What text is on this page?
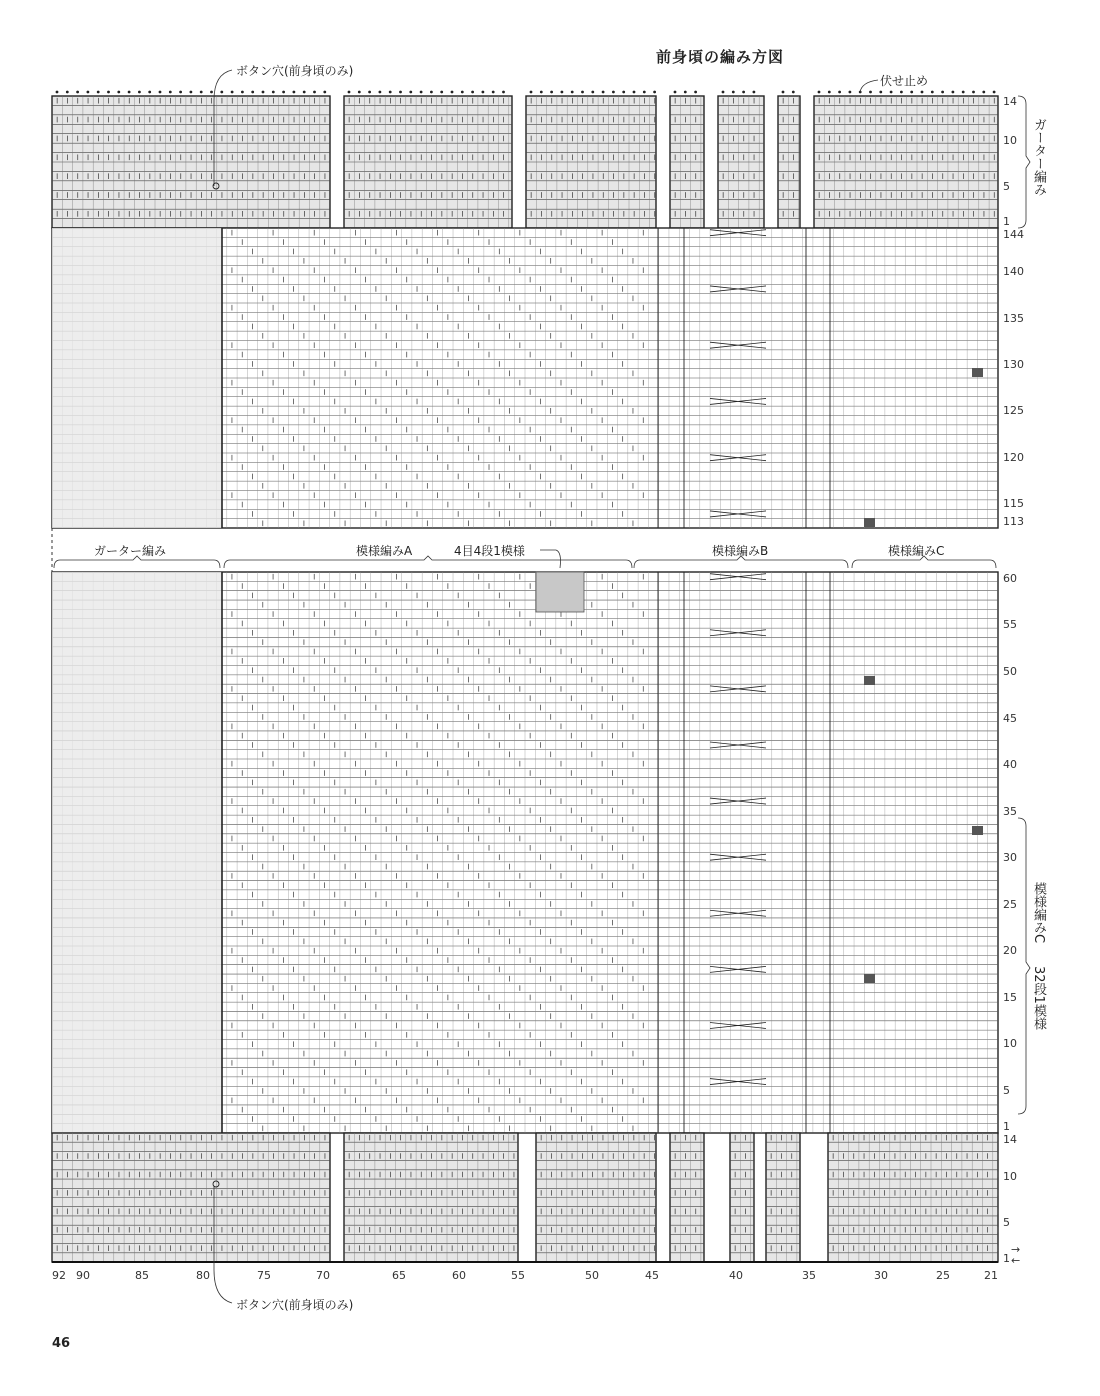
前身頃の編み方図
ボタン穴(前身頃のみ)
伏せ止め
14
10
5
1
ガーター編み
144
140
135
130
125
120
115
113
ガーター編み	模様編みA	4目4段1模様	模様編みB	模様編みC
60
55
50
45
40
35
30
25
20
15
10
5
1
模様編みC
32段1模様
14
10
5
1
→
←
92 90	85	80	75	70	65	60	55	50	45	40	35	30	25	21
ボタン穴(前身頃のみ)
46
